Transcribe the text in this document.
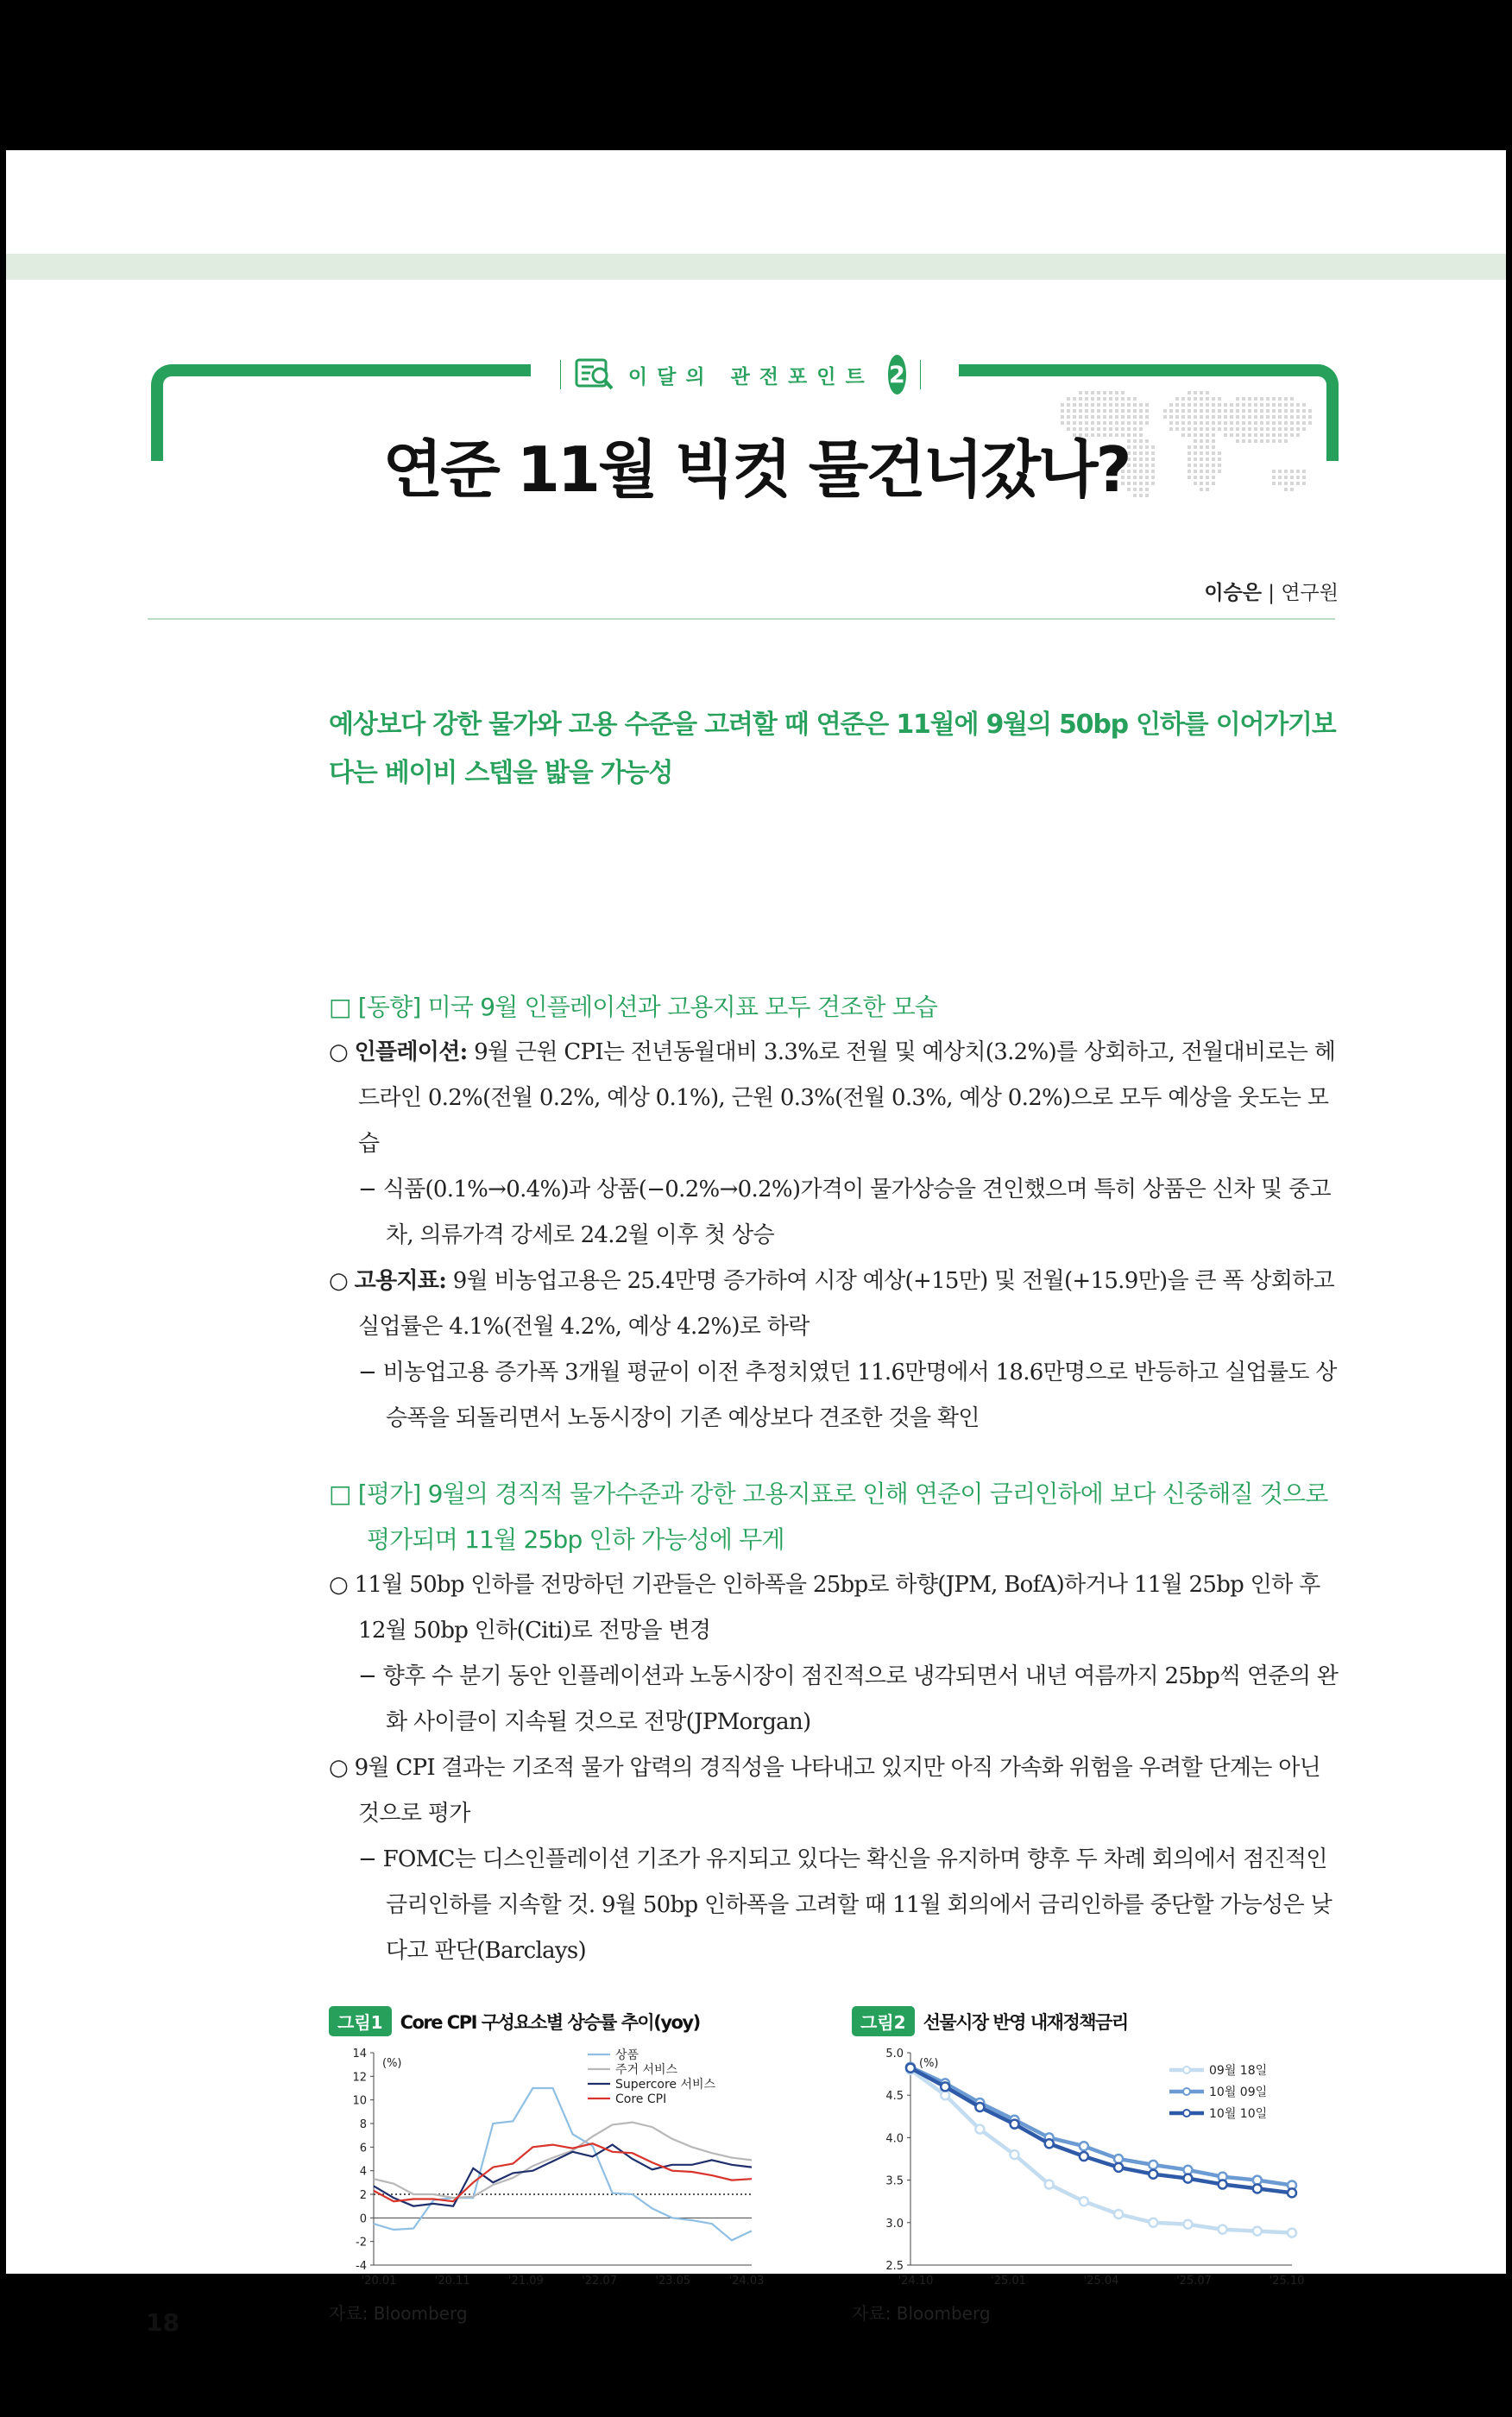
이달의 관전포인트 2
연준 11월 빅컷 물건너갔나?
이승은 | 연구원
예상보다 강한 물가와 고용 수준을 고려할 때 연준은 11월에 9월의 50bp 인하를 이어가기보다는 베이비 스텝을 밟을 가능성
□ [동향] 미국 9월 인플레이션과 고용지표 모두 견조한 모습
○ 인플레이션: 9월 근원 CPI는 전년동월대비 3.3%로 전월 및 예상치(3.2%)를 상회하고, 전월대비로는 헤드라인 0.2%(전월 0.2%, 예상 0.1%), 근원 0.3%(전월 0.3%, 예상 0.2%)으로 모두 예상을 웃도는 모습
− 식품(0.1%→0.4%)과 상품(−0.2%→0.2%)가격이 물가상승을 견인했으며 특히 상품은 신차 및 중고차, 의류가격 강세로 24.2월 이후 첫 상승
○ 고용지표: 9월 비농업고용은 25.4만명 증가하여 시장 예상(+15만) 및 전월(+15.9만)을 큰 폭 상회하고 실업률은 4.1%(전월 4.2%, 예상 4.2%)로 하락
− 비농업고용 증가폭 3개월 평균이 이전 추정치였던 11.6만명에서 18.6만명으로 반등하고 실업률도 상승폭을 되돌리면서 노동시장이 기존 예상보다 견조한 것을 확인
□ [평가] 9월의 경직적 물가수준과 강한 고용지표로 인해 연준이 금리인하에 보다 신중해질 것으로 평가되며 11월 25bp 인하 가능성에 무게
○ 11월 50bp 인하를 전망하던 기관들은 인하폭을 25bp로 하향(JPM, BofA)하거나 11월 25bp 인하 후 12월 50bp 인하(Citi)로 전망을 변경
− 향후 수 분기 동안 인플레이션과 노동시장이 점진적으로 냉각되면서 내년 여름까지 25bp씩 연준의 완화 사이클이 지속될 것으로 전망(JPMorgan)
○ 9월 CPI 결과는 기조적 물가 압력의 경직성을 나타내고 있지만 아직 가속화 위험을 우려할 단계는 아닌 것으로 평가
− FOMC는 디스인플레이션 기조가 유지되고 있다는 확신을 유지하며 향후 두 차례 회의에서 점진적인 금리인하를 지속할 것. 9월 50bp 인하폭을 고려할 때 11월 회의에서 금리인하를 중단할 가능성은 낮다고 판단(Barclays)
그림1 Core CPI 구성요소별 상승률 추이(yoy)
-4
-2
0
2
4
6
8
10
12
14
(%)
'20.01	'20.11	'21.09	'22.07	'23.05	'24.03
상품
주거 서비스
Supercore 서비스
Core CPI
자료: Bloomberg
그림2 선물시장 반영 내재정책금리
2.5
3.0
3.5
4.0
4.5
5.0
(%)
'24.10	'25.01	'25.04	'25.07	'25.10
09월 18일
10월 09일
10월 10일
자료: Bloomberg
18
